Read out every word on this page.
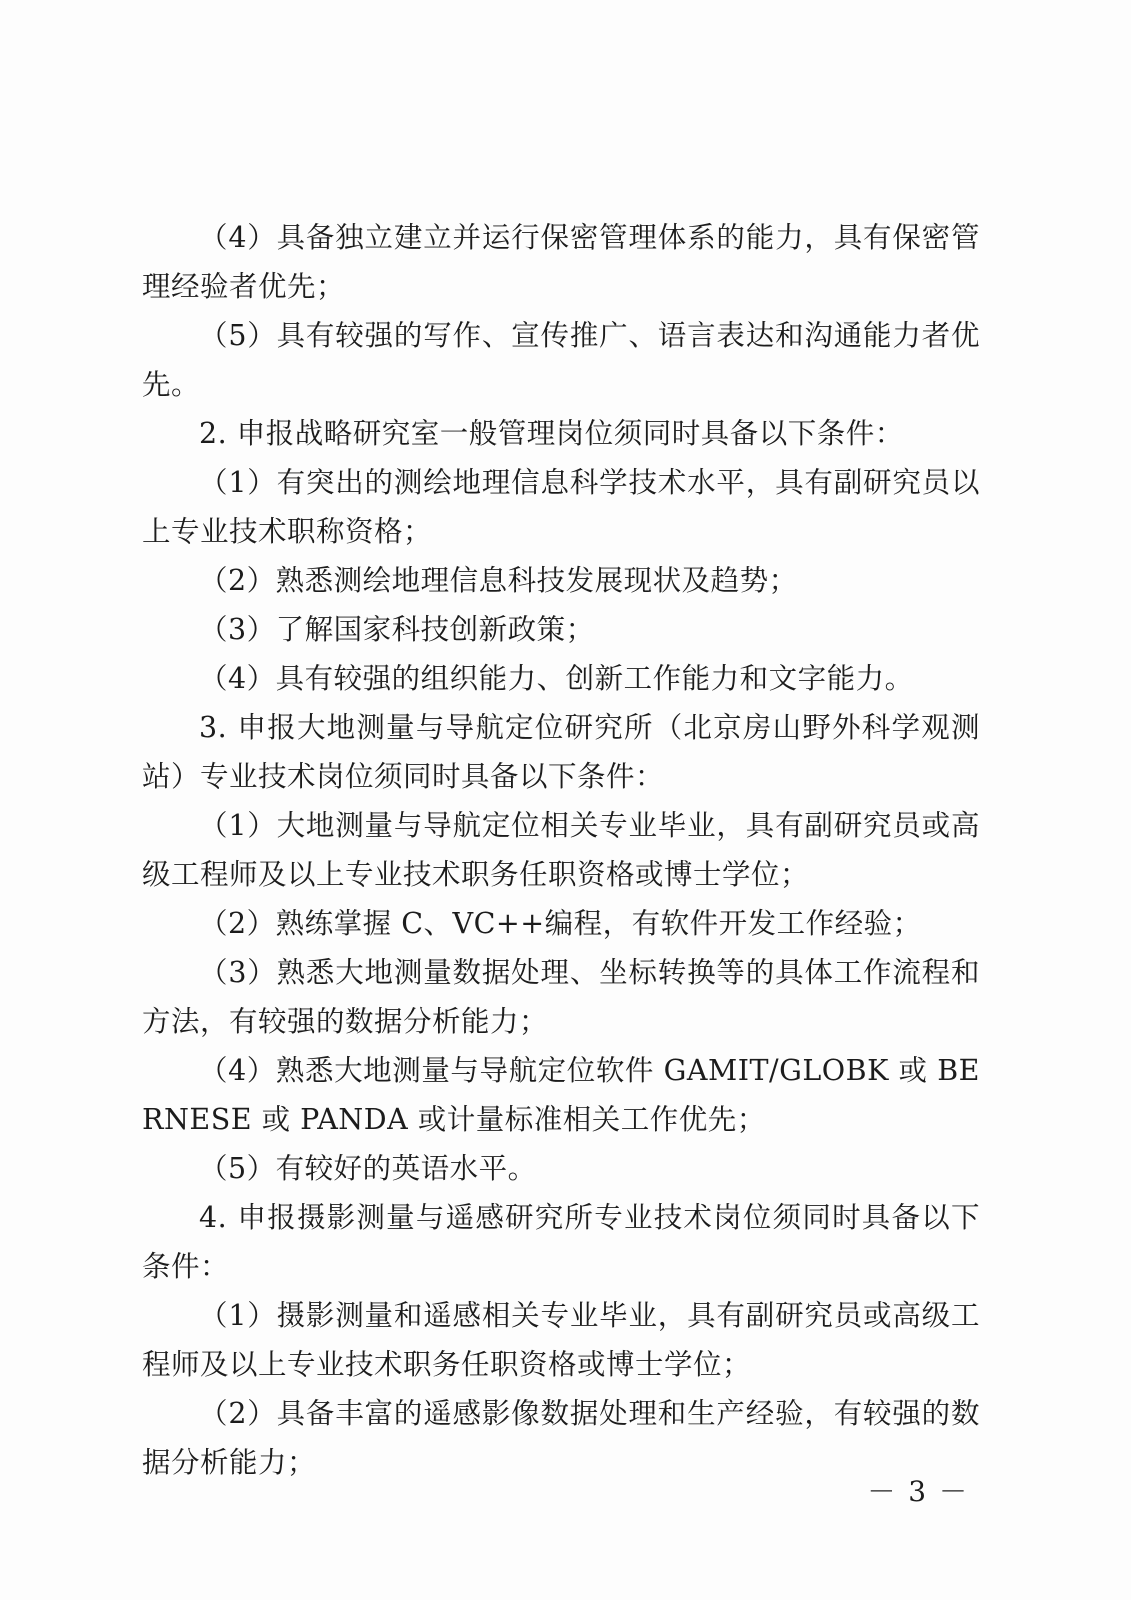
（4）具备独立建立并运行保密管理体系的能力，具有保密管理经验者优先；

（5）具有较强的写作、宣传推广、语言表达和沟通能力者优先。

2. 申报战略研究室一般管理岗位须同时具备以下条件：

（1）有突出的测绘地理信息科学技术水平，具有副研究员以上专业技术职称资格；

（2）熟悉测绘地理信息科技发展现状及趋势；

（3）了解国家科技创新政策；

（4）具有较强的组织能力、创新工作能力和文字能力。

3. 申报大地测量与导航定位研究所（北京房山野外科学观测站）专业技术岗位须同时具备以下条件：

（1）大地测量与导航定位相关专业毕业，具有副研究员或高级工程师及以上专业技术职务任职资格或博士学位；

（2）熟练掌握 C、VC++编程，有软件开发工作经验；

（3）熟悉大地测量数据处理、坐标转换等的具体工作流程和方法，有较强的数据分析能力；

（4）熟悉大地测量与导航定位软件 GAMIT/GLOBK 或 BERNESE 或 PANDA 或计量标准相关工作优先；

（5）有较好的英语水平。

4. 申报摄影测量与遥感研究所专业技术岗位须同时具备以下条件：

（1）摄影测量和遥感相关专业毕业，具有副研究员或高级工程师及以上专业技术职务任职资格或博士学位；

（2）具备丰富的遥感影像数据处理和生产经验，有较强的数据分析能力；

－ 3 －
